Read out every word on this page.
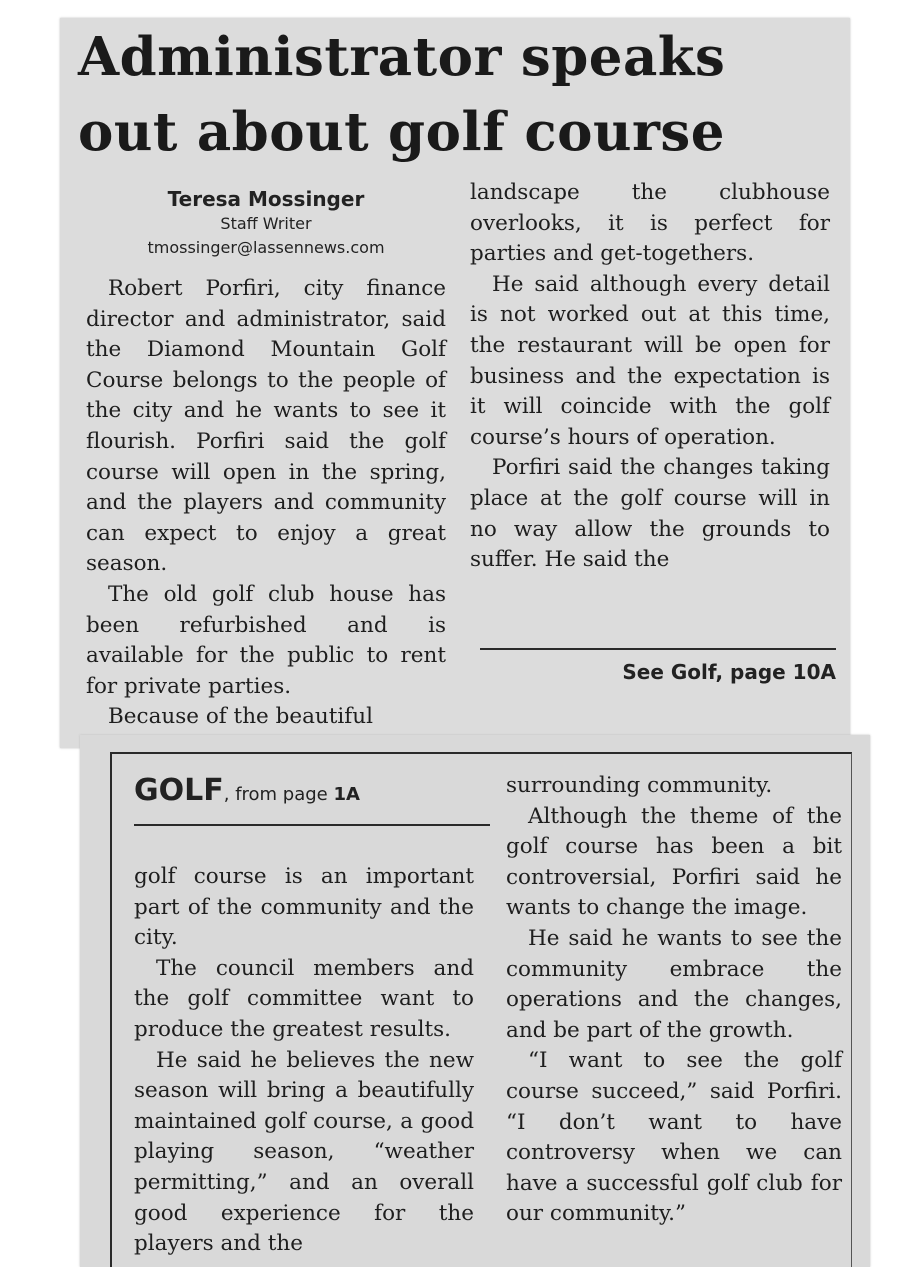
Administrator speaks
out about golf course
Teresa Mossinger
Staff Writer
tmossinger@lassennews.com

Robert Porfiri, city finance director and administrator, said the Diamond Mountain Golf Course belongs to the people of the city and he wants to see it flourish. Porfiri said the golf course will open in the spring, and the players and community can expect to enjoy a great season.

The old golf club house has been refurbished and is available for the public to rent for private parties.

Because of the beautiful

landscape the clubhouse overlooks, it is perfect for parties and get-togethers.

He said although every detail is not worked out at this time, the restaurant will be open for business and the expectation is it will coincide with the golf course’s hours of operation.

Porfiri said the changes taking place at the golf course will in no way allow the grounds to suffer. He said the

See Golf, page 10A
GOLF, from page 1A

golf course is an important part of the community and the city.

The council members and the golf committee want to produce the greatest results.

He said he believes the new season will bring a beautifully maintained golf course, a good playing season, “weather permitting,” and an overall good experience for the players and the

surrounding community.

Although the theme of the golf course has been a bit controversial, Porfiri said he wants to change the image.

He said he wants to see the community embrace the operations and the changes, and be part of the growth.

“I want to see the golf course succeed,” said Porfiri. “I don’t want to have controversy when we can have a successful golf club for our community.”
